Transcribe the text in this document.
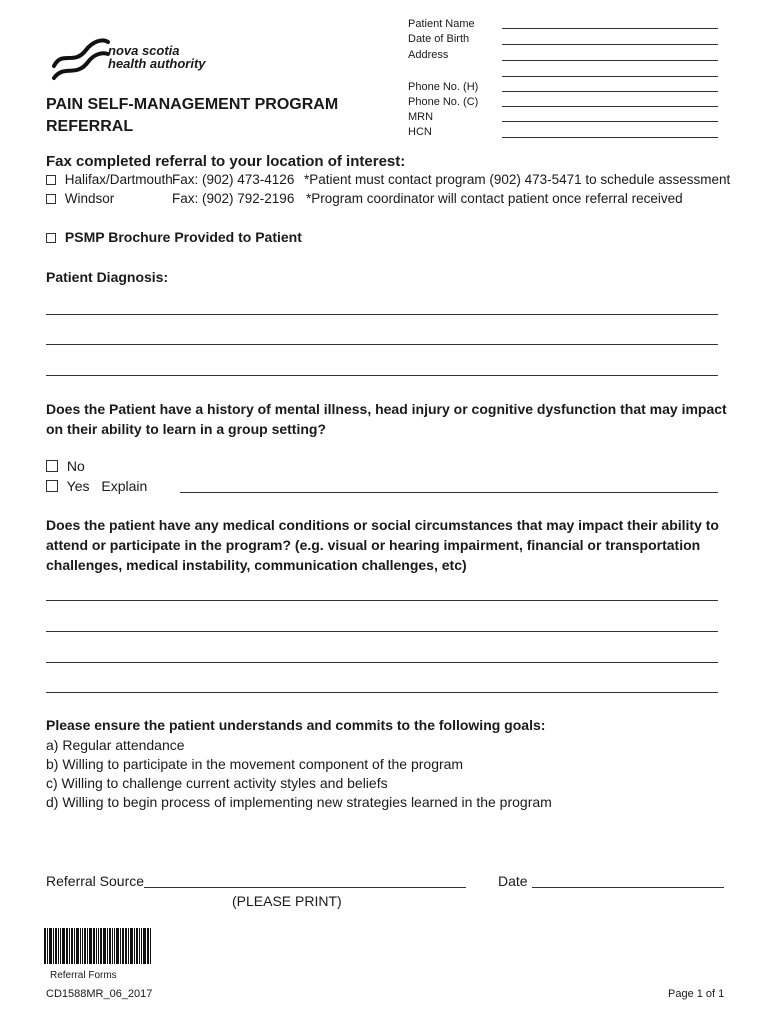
nova scotia
health authority
PAIN SELF-MANAGEMENT PROGRAM
REFERRAL
Patient Name
Date of Birth
Address
Phone No. (H)
Phone No. (C)
MRN
HCN
Fax completed referral to your location of interest:
Halifax/Dartmouth Fax: (902) 473-4126 *Patient must contact program (902) 473-5471 to schedule assessment
Windsor	Fax: (902) 792-2196 *Program coordinator will contact patient once referral received
PSMP Brochure Provided to Patient
Patient Diagnosis:
Does the Patient have a history of mental illness, head injury or cognitive dysfunction that may impact on their ability to learn in a group setting?
No
Yes Explain
Does the patient have any medical conditions or social circumstances that may impact their ability to attend or participate in the program? (e.g. visual or hearing impairment, financial or transportation challenges, medical instability, communication challenges, etc)
Please ensure the patient understands and commits to the following goals:
a) Regular attendance
b) Willing to participate in the movement component of the program
c) Willing to challenge current activity styles and beliefs
d) Willing to begin process of implementing new strategies learned in the program
Referral Source
(PLEASE PRINT)
Date
Referral Forms
CD1588MR_06_2017	Page 1 of 1
